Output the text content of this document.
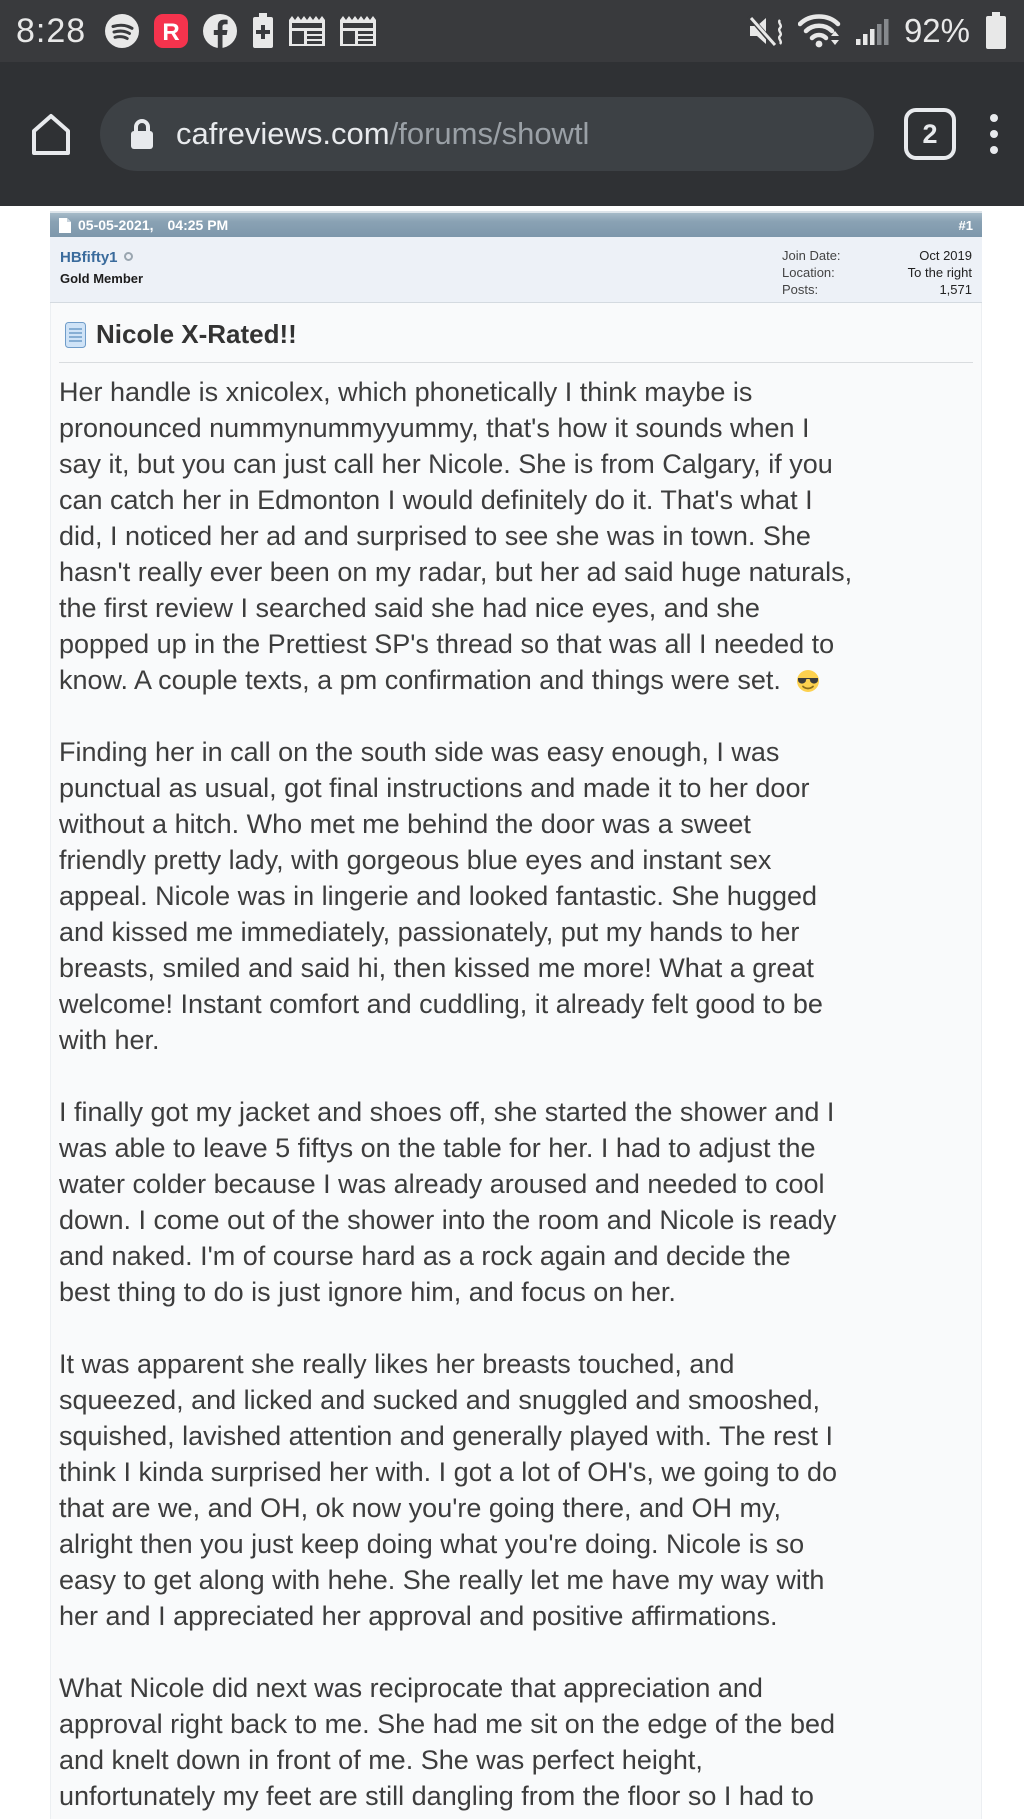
8:28	R	92%
cafreviews.com/forums/showtl	2
05-05-2021, 04:25 PM	#1
HBfifty1
Gold Member
Join Date:	Oct 2019
Location:	To the right
Posts:	1,571
Nicole X-Rated!!
Her handle is xnicolex, which phonetically I think maybe is
pronounced nummynummyyummy, that's how it sounds when I
say it, but you can just call her Nicole. She is from Calgary, if you
can catch her in Edmonton I would definitely do it. That's what I
did, I noticed her ad and surprised to see she was in town. She
hasn't really ever been on my radar, but her ad said huge naturals,
the first review I searched said she had nice eyes, and she
popped up in the Prettiest SP's thread so that was all I needed to
know. A couple texts, a pm confirmation and things were set.
Finding her in call on the south side was easy enough, I was
punctual as usual, got final instructions and made it to her door
without a hitch. Who met me behind the door was a sweet
friendly pretty lady, with gorgeous blue eyes and instant sex
appeal. Nicole was in lingerie and looked fantastic. She hugged
and kissed me immediately, passionately, put my hands to her
breasts, smiled and said hi, then kissed me more! What a great
welcome! Instant comfort and cuddling, it already felt good to be
with her.
I finally got my jacket and shoes off, she started the shower and I
was able to leave 5 fiftys on the table for her. I had to adjust the
water colder because I was already aroused and needed to cool
down. I come out of the shower into the room and Nicole is ready
and naked. I'm of course hard as a rock again and decide the
best thing to do is just ignore him, and focus on her.
It was apparent she really likes her breasts touched, and
squeezed, and licked and sucked and snuggled and smooshed,
squished, lavished attention and generally played with. The rest I
think I kinda surprised her with. I got a lot of OH's, we going to do
that are we, and OH, ok now you're going there, and OH my,
alright then you just keep doing what you're doing. Nicole is so
easy to get along with hehe. She really let me have my way with
her and I appreciated her approval and positive affirmations.
What Nicole did next was reciprocate that appreciation and
approval right back to me. She had me sit on the edge of the bed
and knelt down in front of me. She was perfect height,
unfortunately my feet are still dangling from the floor so I had to
